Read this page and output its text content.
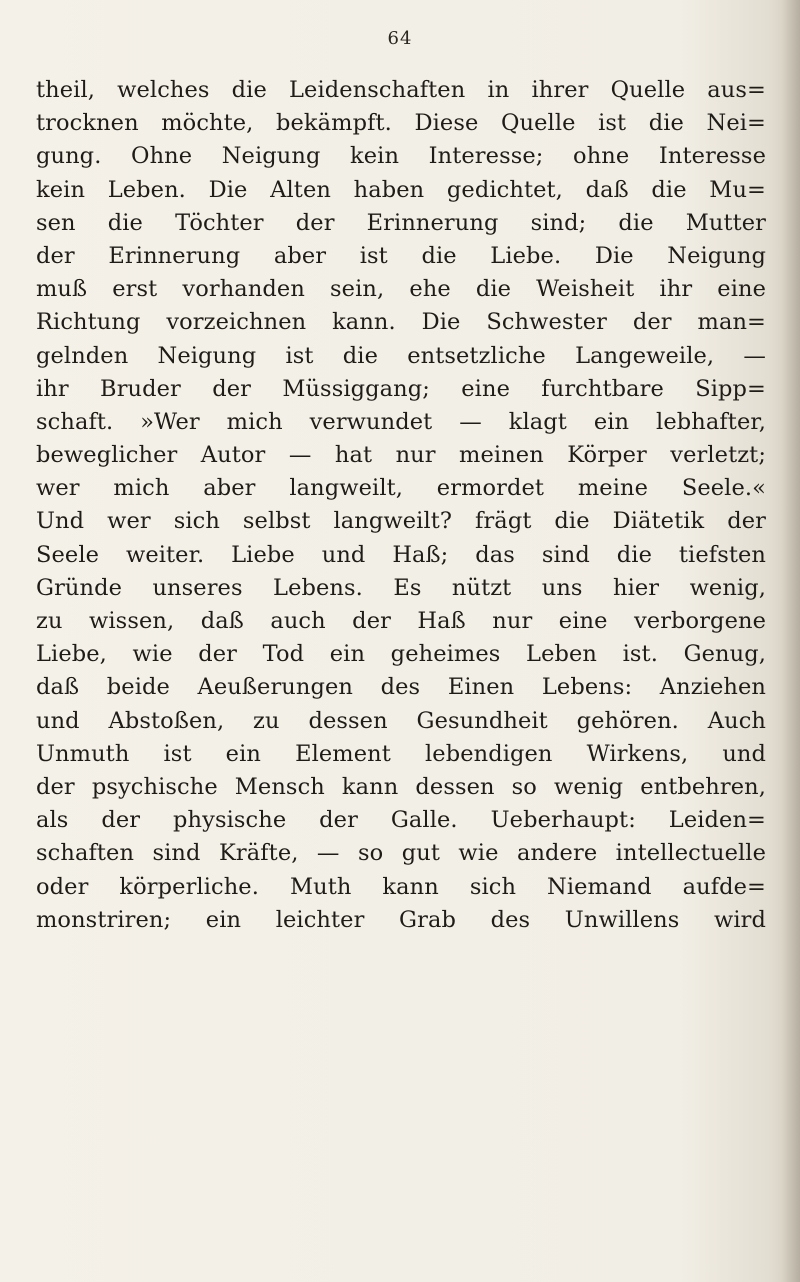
64
theil, welches die Leidenschaften in ihrer Quelle aus=
trocknen möchte, bekämpft. Diese Quelle ist die Nei=
gung. Ohne Neigung kein Interesse; ohne Interesse
kein Leben. Die Alten haben gedichtet, daß die Mu=
sen die Töchter der Erinnerung sind; die Mutter
der Erinnerung aber ist die Liebe. Die Neigung
muß erst vorhanden sein, ehe die Weisheit ihr eine
Richtung vorzeichnen kann. Die Schwester der man=
gelnden Neigung ist die entsetzliche Langeweile, —
ihr Bruder der Müssiggang; eine furchtbare Sipp=
schaft. »Wer mich verwundet — klagt ein lebhafter,
beweglicher Autor — hat nur meinen Körper verletzt;
wer mich aber langweilt, ermordet meine Seele.«
Und wer sich selbst langweilt? frägt die Diätetik der
Seele weiter. Liebe und Haß; das sind die tiefsten
Gründe unseres Lebens. Es nützt uns hier wenig,
zu wissen, daß auch der Haß nur eine verborgene
Liebe, wie der Tod ein geheimes Leben ist. Genug,
daß beide Aeußerungen des Einen Lebens: Anziehen
und Abstoßen, zu dessen Gesundheit gehören. Auch
Unmuth ist ein Element lebendigen Wirkens, und
der psychische Mensch kann dessen so wenig entbehren,
als der physische der Galle. Ueberhaupt: Leiden=
schaften sind Kräfte, — so gut wie andere intellectuelle
oder körperliche. Muth kann sich Niemand aufde=
monstriren; ein leichter Grab des Unwillens wird
